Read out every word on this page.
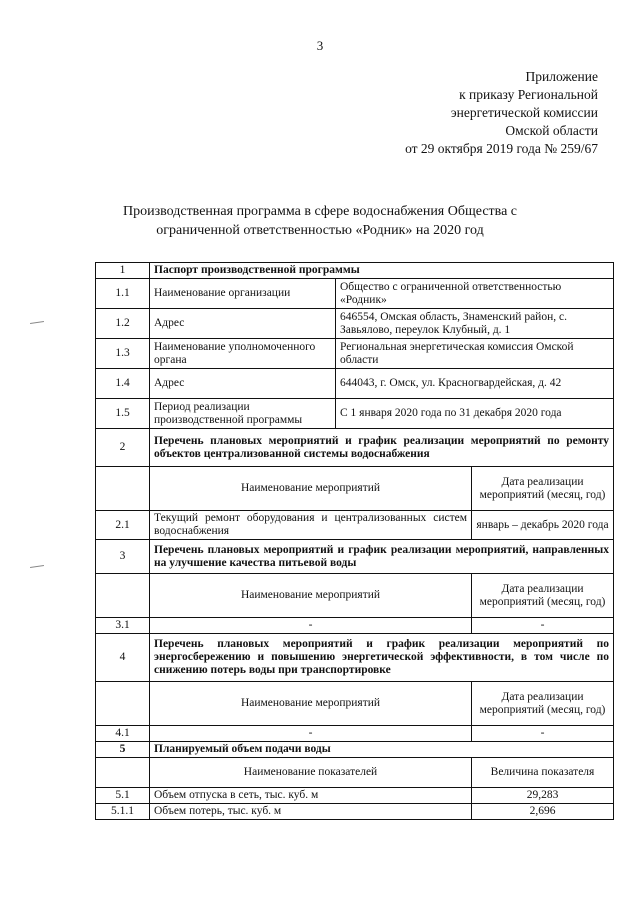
3
Приложение
к приказу Региональной
энергетической комиссии
Омской области
от 29 октября 2019 года № 259/67
Производственная программа в сфере водоснабжения Общества с
ограниченной ответственностью «Родник» на 2020 год
1	Паспорт производственной программы		
1.1	Наименование организации	Общество с ограниченной ответственностью «Родник»	
1.2	Адрес	646554, Омская область, Знаменский район, с. Завьялово, переулок Клубный, д. 1	
1.3	Наименование уполномоченного органа	Региональная энергетическая комиссия Омской области	
1.4	Адрес	644043, г. Омск, ул. Красногвардейская, д. 42	
1.5	Период реализации производственной программы	С 1 января 2020 года по 31 декабря 2020 года	
2	Перечень плановых мероприятий и график реализации мероприятий по ремонту объектов централизованной системы водоснабжения		
	Наименование мероприятий		Дата реализации мероприятий (месяц, год)
2.1	Текущий ремонт оборудования и централизованных систем водоснабжения		январь – декабрь 2020 года
3	Перечень плановых мероприятий и график реализации мероприятий, направленных на улучшение качества питьевой воды		
	Наименование мероприятий		Дата реализации мероприятий (месяц, год)
3.1	-		-
4	Перечень плановых мероприятий и график реализации мероприятий по энергосбережению и повышению энергетической эффективности, в том числе по снижению потерь воды при транспортировке		
	Наименование мероприятий		Дата реализации мероприятий (месяц, год)
4.1	-		-
5	Планируемый объем подачи воды		
	Наименование показателей		Величина показателя
5.1	Объем отпуска в сеть, тыс. куб. м		29,283
5.1.1	Объем потерь, тыс. куб. м		2,696
